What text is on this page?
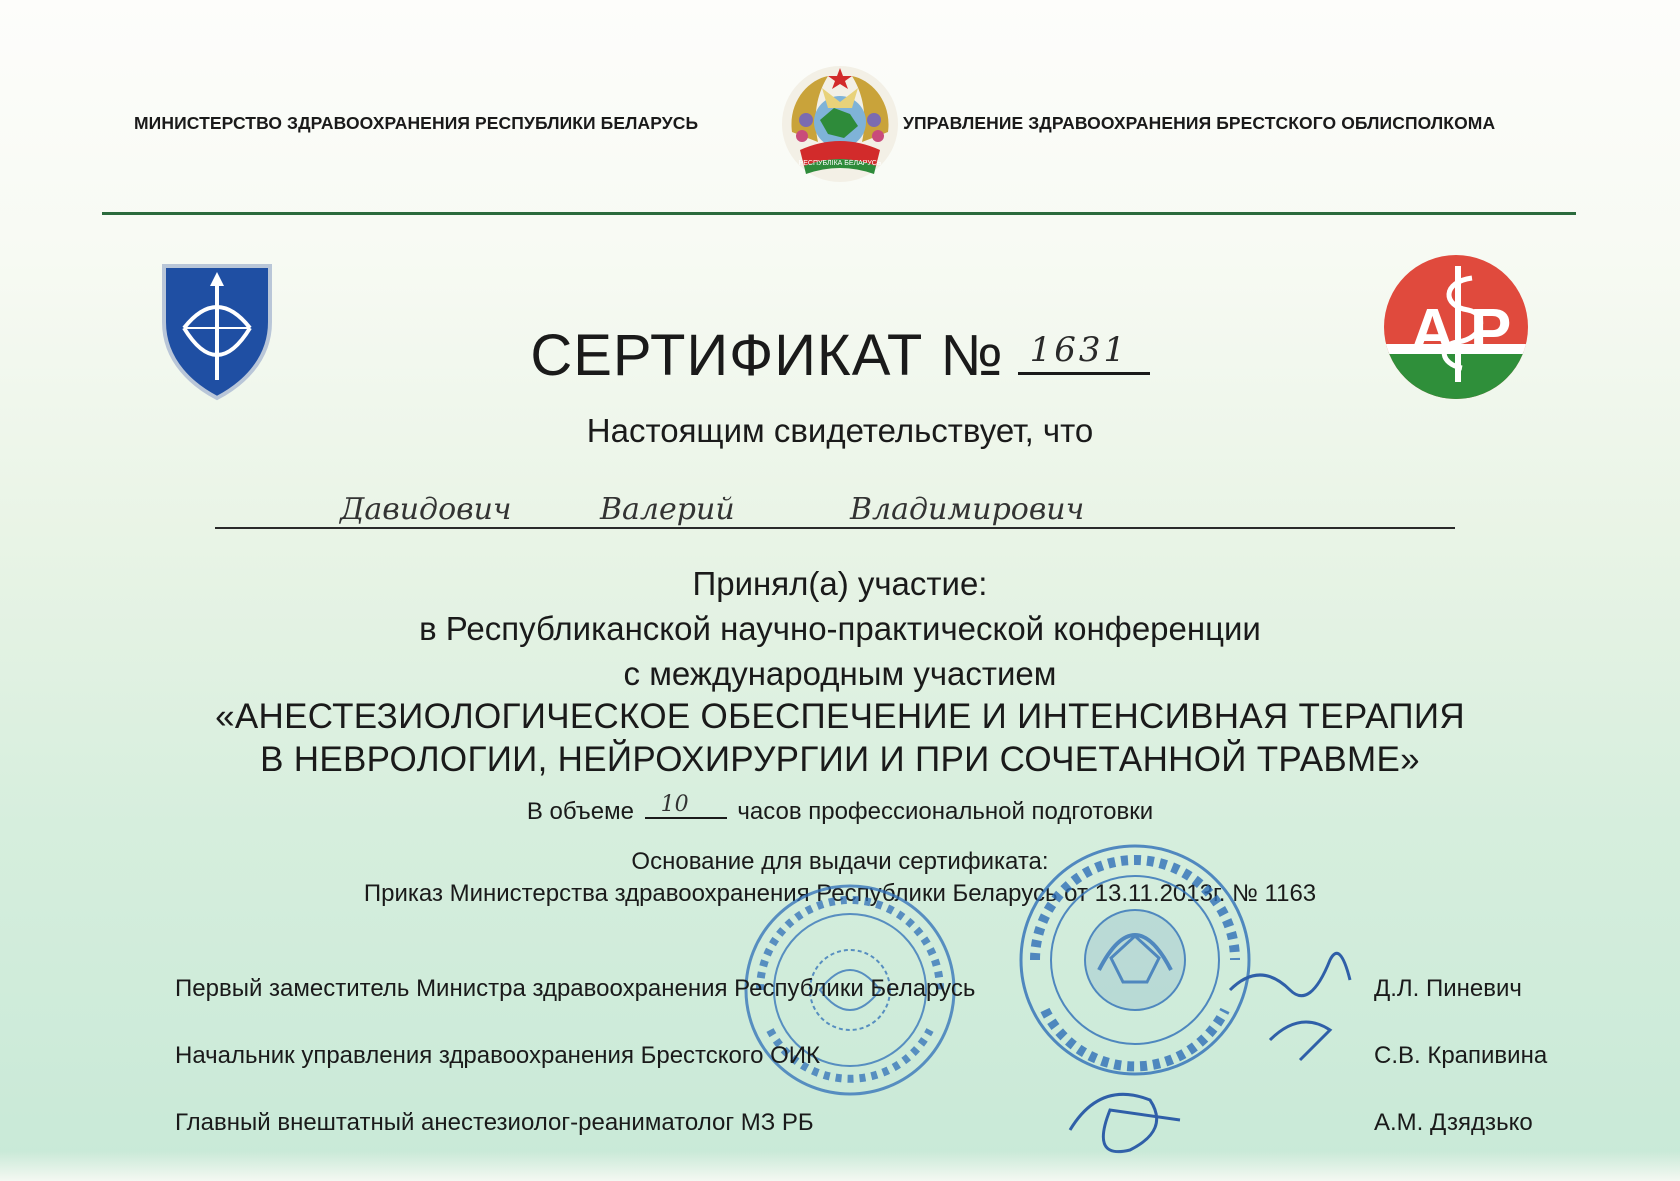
МИНИСТЕРСТВО ЗДРАВООХРАНЕНИЯ РЕСПУБЛИКИ БЕЛАРУСЬ	УПРАВЛЕНИЕ ЗДРАВООХРАНЕНИЯ БРЕСТСКОГО ОБЛИСПОЛКОМА
РЕСПУБЛІКА БЕЛАРУСЬ
A P
СЕРТИФИКАТ № 1631
Настоящим свидетельствует, что
Давидович	Валерий	Владимирович
Принял(а) участие:
в Республиканской научно-практической конференции
с международным участием
«АНЕСТЕЗИОЛОГИЧЕСКОЕ ОБЕСПЕЧЕНИЕ И ИНТЕНСИВНАЯ ТЕРАПИЯ
В НЕВРОЛОГИИ, НЕЙРОХИРУРГИИ И ПРИ СОЧЕТАННОЙ ТРАВМЕ»
В объеме 10 часов профессиональной подготовки
Основание для выдачи сертификата:
Приказ Министерства здравоохранения Республики Беларусь от 13.11.2013г. № 1163
Первый заместитель Министра здравоохранения Республики Беларусь	Д.Л. Пиневич
Начальник управления здравоохранения Брестского ОИК	С.В. Крапивина
Главный внештатный анестезиолог-реаниматолог МЗ РБ	А.М. Дзядзько
